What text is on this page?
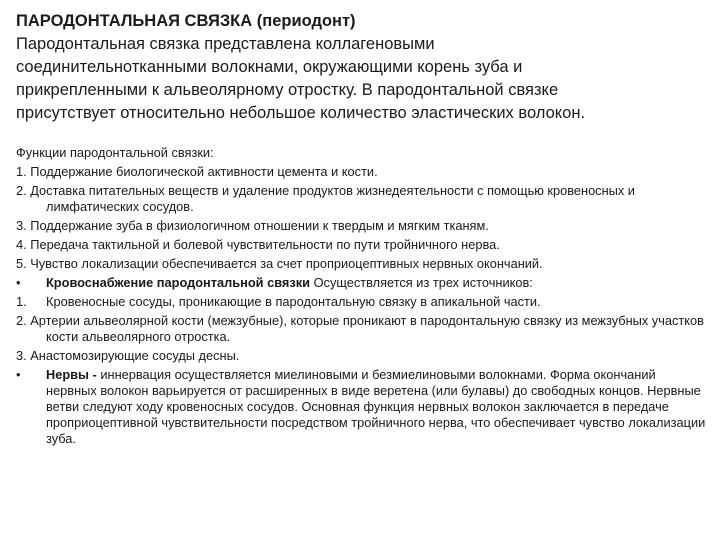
ПАРОДОНТАЛЬНАЯ СВЯЗКА (периодонт)
Пародонтальная связка представлена коллагеновыми
соединительнотканными волокнами, окружающими корень зуба и
прикрепленными к альвеолярному отростку. В пародонтальной связке
присутствует относительно небольшое количество эластических волокон.
Функции пародонтальной связки:
1. Поддержание биологической активности цемента и кости.
2. Доставка питательных веществ и удаление продуктов жизнедеятельности с помощью кровеносных и лимфатических сосудов.
3. Поддержание зуба в физиологичном отношении к твердым и мягким тканям.
4. Передача тактильной и болевой чувствительности по пути тройничного нерва.
5. Чувство локализации обеспечивается за счет проприоцептивных нервных окончаний.
•	Кровоснабжение пародонтальной связки Осуществляется из трех источников:
1.	Кровеносные сосуды, проникающие в пародонтальную связку в апикальной части.
2. Артерии альвеолярной кости (межзубные), которые проникают в пародонтальную связку из межзубных участков кости альвеолярного отростка.
3. Анастомозирующие сосуды десны.
•	Нервы - иннервация осуществляется миелиновыми и безмиелиновыми волокнами. Форма окончаний нервных волокон варьируется от расширенных в виде веретена (или булавы) до свободных концов. Нервные ветви следуют ходу кровеносных сосудов. Основная функция нервных волокон заключается в передаче проприоцептивной чувствительности посредством тройничного нерва, что обеспечивает чувство локализации зуба.
